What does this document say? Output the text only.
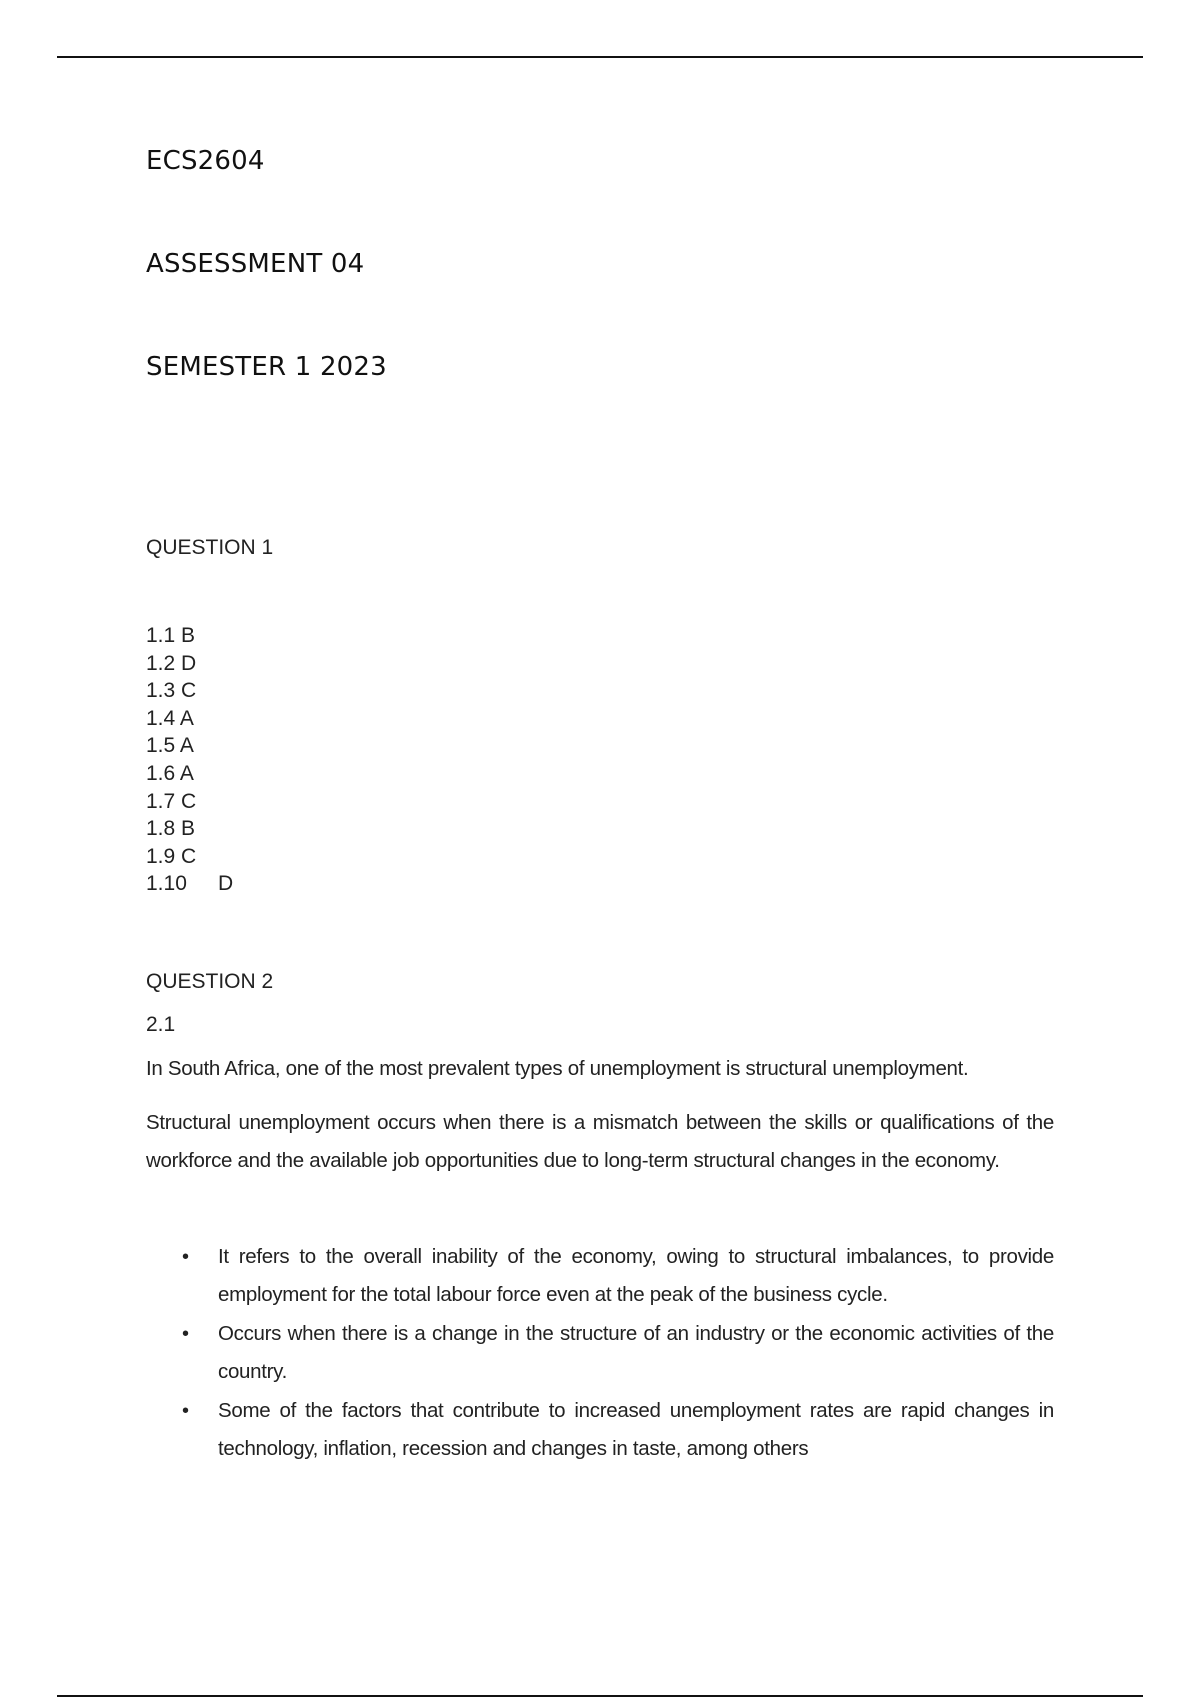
ECS2604
ASSESSMENT 04
SEMESTER 1 2023
QUESTION 1
1.1 B
1.2 D
1.3 C
1.4 A
1.5 A
1.6 A
1.7 C
1.8 B
1.9 C
1.10 D
QUESTION 2
2.1

In South Africa, one of the most prevalent types of unemployment is structural unemployment.

Structural unemployment occurs when there is a mismatch between the skills or qualifications of the workforce and the available job opportunities due to long-term structural changes in the economy.

• It refers to the overall inability of the economy, owing to structural imbalances, to provide employment for the total labour force even at the peak of the business cycle.
• Occurs when there is a change in the structure of an industry or the economic activities of the country.
• Some of the factors that contribute to increased unemployment rates are rapid changes in technology, inflation, recession and changes in taste, among others
